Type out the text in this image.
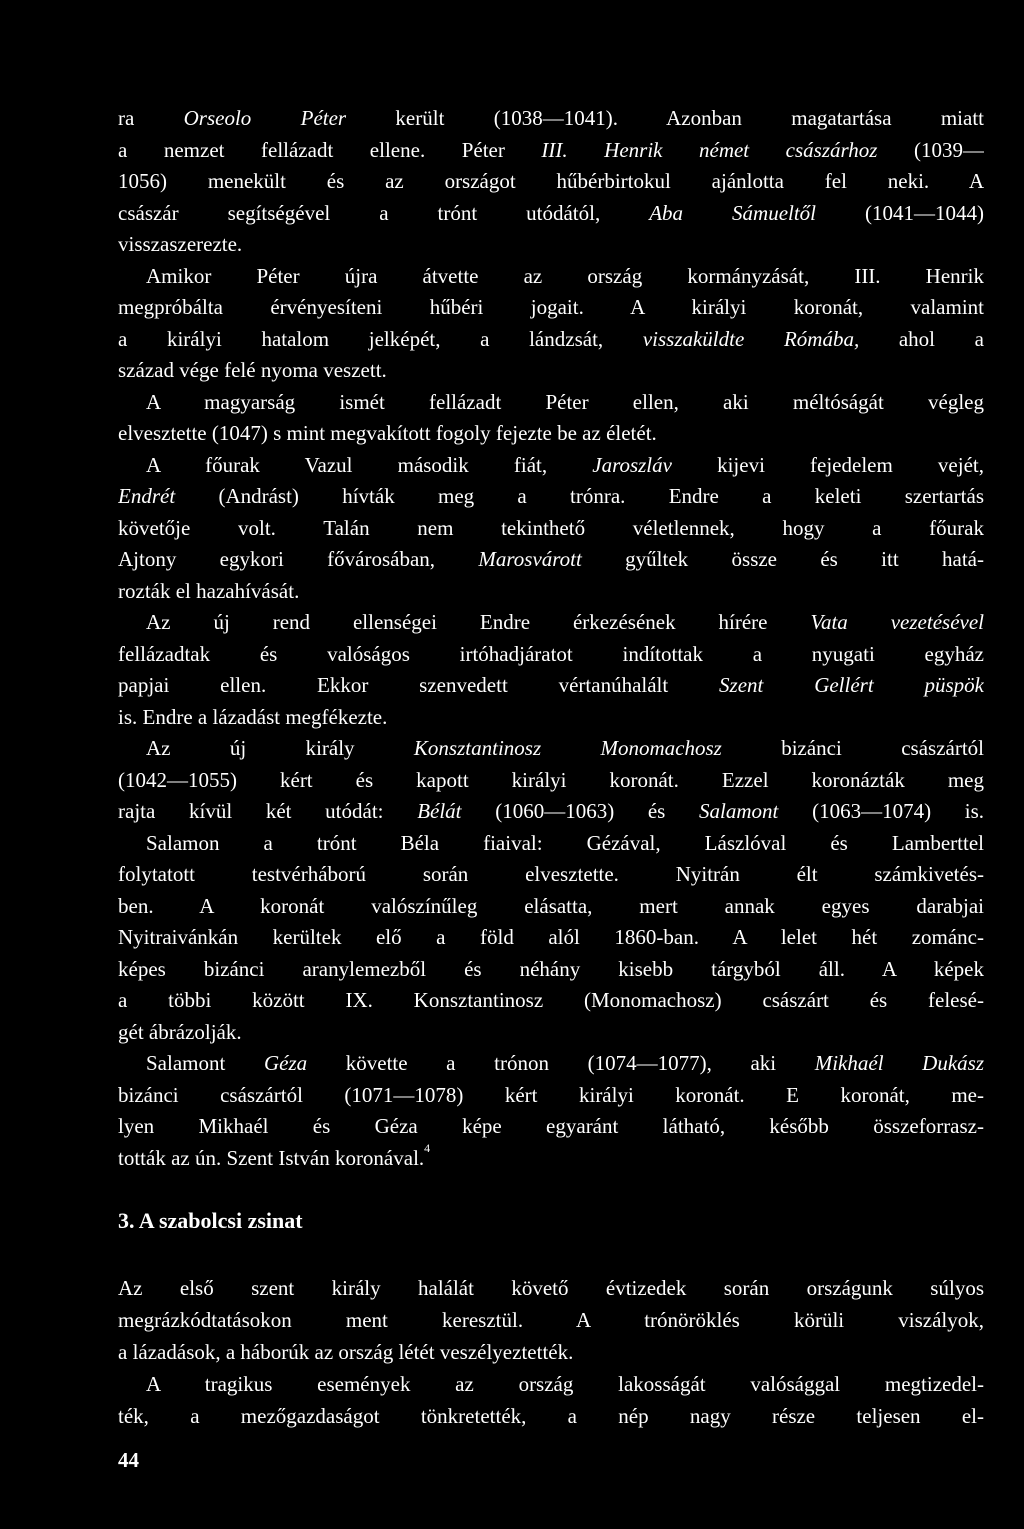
ra Orseolo Péter került (1038—1041). Azonban magatartása miatt
a nemzet fellázadt ellene. Péter III. Henrik német császárhoz (1039—
1056) menekült és az országot hűbérbirtokul ajánlotta fel neki. A
császár segítségével a trónt utódától, Aba Sámueltől (1041—1044)
visszaszerezte.
Amikor Péter újra átvette az ország kormányzását, III. Henrik
megpróbálta érvényesíteni hűbéri jogait. A királyi koronát, valamint
a királyi hatalom jelképét, a lándzsát, visszaküldte Rómába, ahol a
század vége felé nyoma veszett.
A magyarság ismét fellázadt Péter ellen, aki méltóságát végleg
elvesztette (1047) s mint megvakított fogoly fejezte be az életét.
A főurak Vazul második fiát, Jaroszláv kijevi fejedelem vejét,
Endrét (Andrást) hívták meg a trónra. Endre a keleti szertartás
követője volt. Talán nem tekinthető véletlennek, hogy a főurak
Ajtony egykori fővárosában, Marosvárott gyűltek össze és itt hatá-
rozták el hazahívását.
Az új rend ellenségei Endre érkezésének hírére Vata vezetésével
fellázadtak és valóságos irtóhadjáratot indítottak a nyugati egyház
papjai ellen. Ekkor szenvedett vértanúhalált Szent Gellért püspök
is. Endre a lázadást megfékezte.
Az új király Konsztantinosz Monomachosz bizánci császártól
(1042—1055) kért és kapott királyi koronát. Ezzel koronázták meg
rajta kívül két utódát: Bélát (1060—1063) és Salamont (1063—1074) is.
Salamon a trónt Béla fiaival: Gézával, Lászlóval és Lamberttel
folytatott testvérháború során elvesztette. Nyitrán élt számkivetés-
ben. A koronát valószínűleg elásatta, mert annak egyes darabjai
Nyitraivánkán kerültek elő a föld alól 1860-ban. A lelet hét zománc-
képes bizánci aranylemezből és néhány kisebb tárgyból áll. A képek
a többi között IX. Konsztantinosz (Monomachosz) császárt és felesé-
gét ábrázolják.
Salamont Géza követte a trónon (1074—1077), aki Mikhaél Dukász
bizánci császártól (1071—1078) kért királyi koronát. E koronát, me-
lyen Mikhaél és Géza képe egyaránt látható, később összeforrasz-
tották az ún. Szent István koronával.$^4$
3. A szabolcsi zsinat
Az első szent király halálát követő évtizedek során országunk súlyos
megrázkódtatásokon ment keresztül. A trónöröklés körüli viszályok,
a lázadások, a háborúk az ország létét veszélyeztették.
A tragikus események az ország lakosságát valósággal megtizedel-
ték, a mezőgazdaságot tönkretették, a nép nagy része teljesen el-
44
